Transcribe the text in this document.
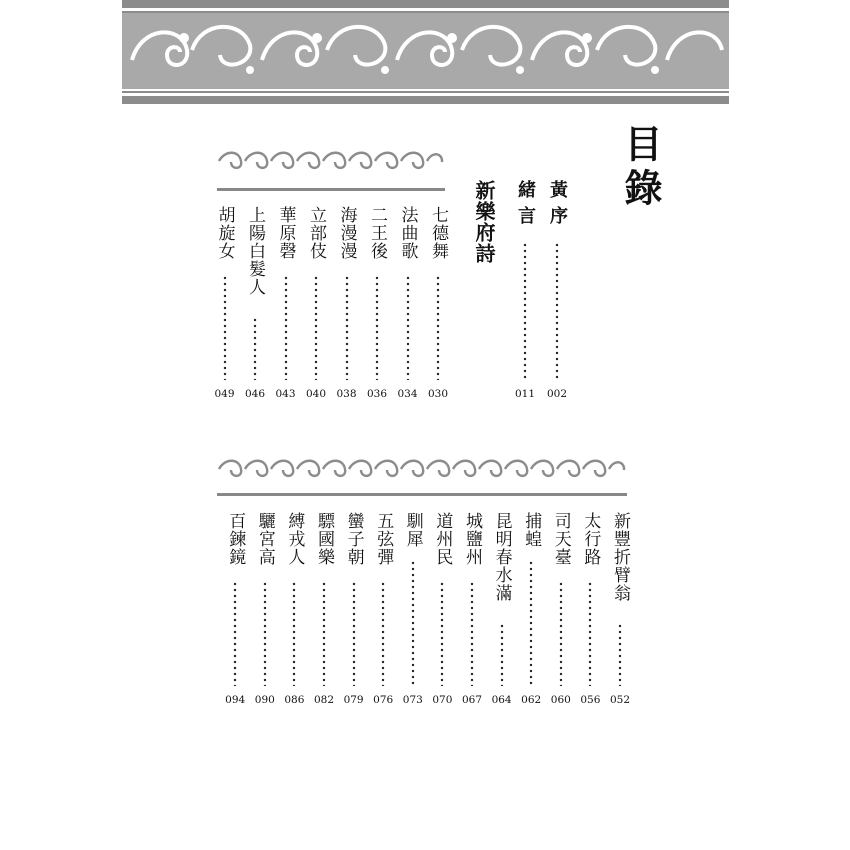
目錄
黃序
002
緒言
011
新樂府詩
七德舞
030
法曲歌
034
二王後
036
海漫漫
038
立部伎
040
華原磬
043
上陽白髮人
046
胡旋女
049
新豐折臂翁
052
太行路
056
司天臺
060
捕蝗
062
昆明春水滿
064
城鹽州
067
道州民
070
馴犀
073
五弦彈
076
蠻子朝
079
驃國樂
082
縛戎人
086
驪宮高
090
百鍊鏡
094
